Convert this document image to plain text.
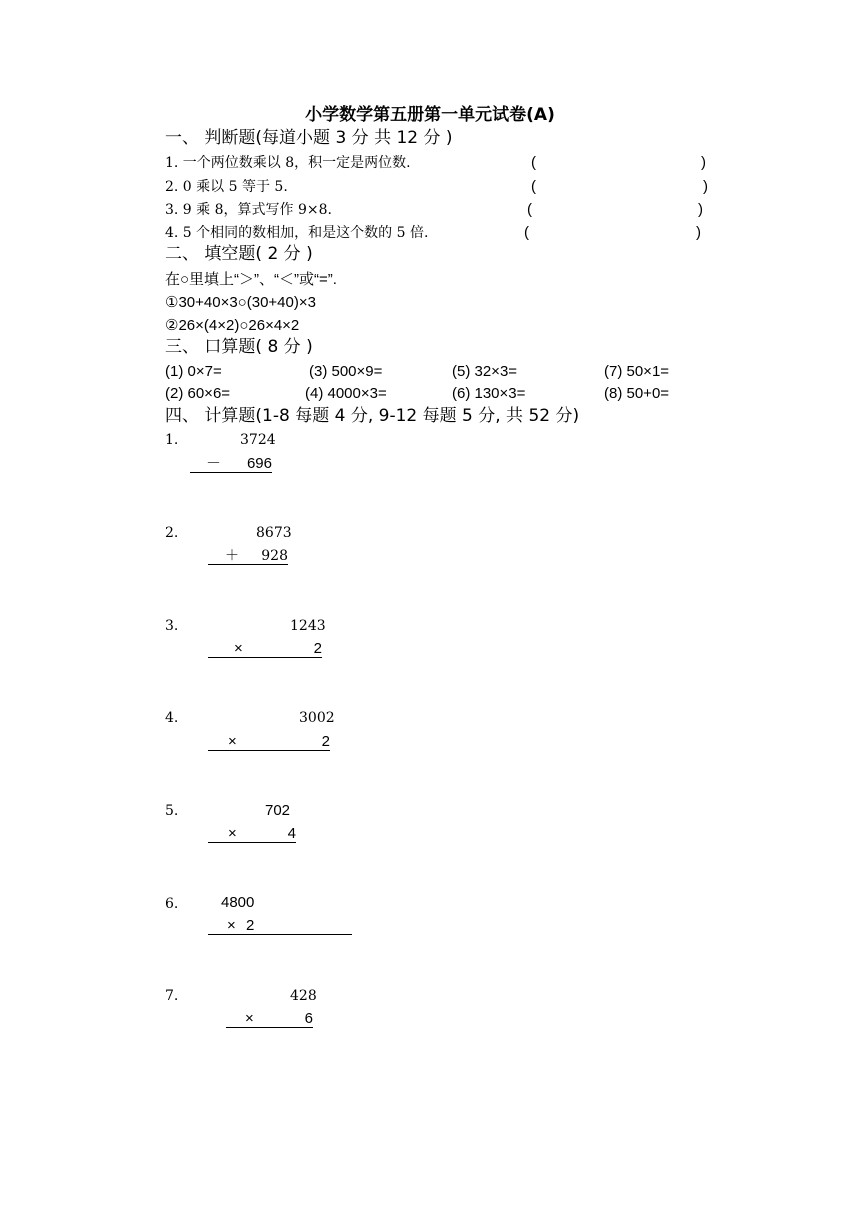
小学数学第五册第一单元试卷(A)
一、 判断题(每道小题 3 分 共 12 分 )
1. 一个两位数乘以 8，积一定是两位数.	(	)
2. 0 乘以 5 等于 5.	(	)
3. 9 乘 8，算式写作 9×8.	(	)
4. 5 个相同的数相加，和是这个数的 5 倍.	(	)
二、 填空题( 2 分 )
在○里填上“＞”、“＜”或“=”.
①30+40×3○(30+40)×3
②26×(4×2)○26×4×2
三、 口算题( 8 分 )
(1) 0×7=	(3) 500×9=	(5) 32×3=	(7) 50×1=
(2) 60×6=	(4) 4000×3=	(6) 130×3=	(8) 50+0=
四、 计算题(1-8 每题 4 分, 9-12 每题 5 分, 共 52 分)
1.	3724
－ 696

2.	8673
＋ 928

3.	1243
×	2

4.	3002
×	2

5.	702
×	4

6.	4800
× 2

7.	428
×	6
